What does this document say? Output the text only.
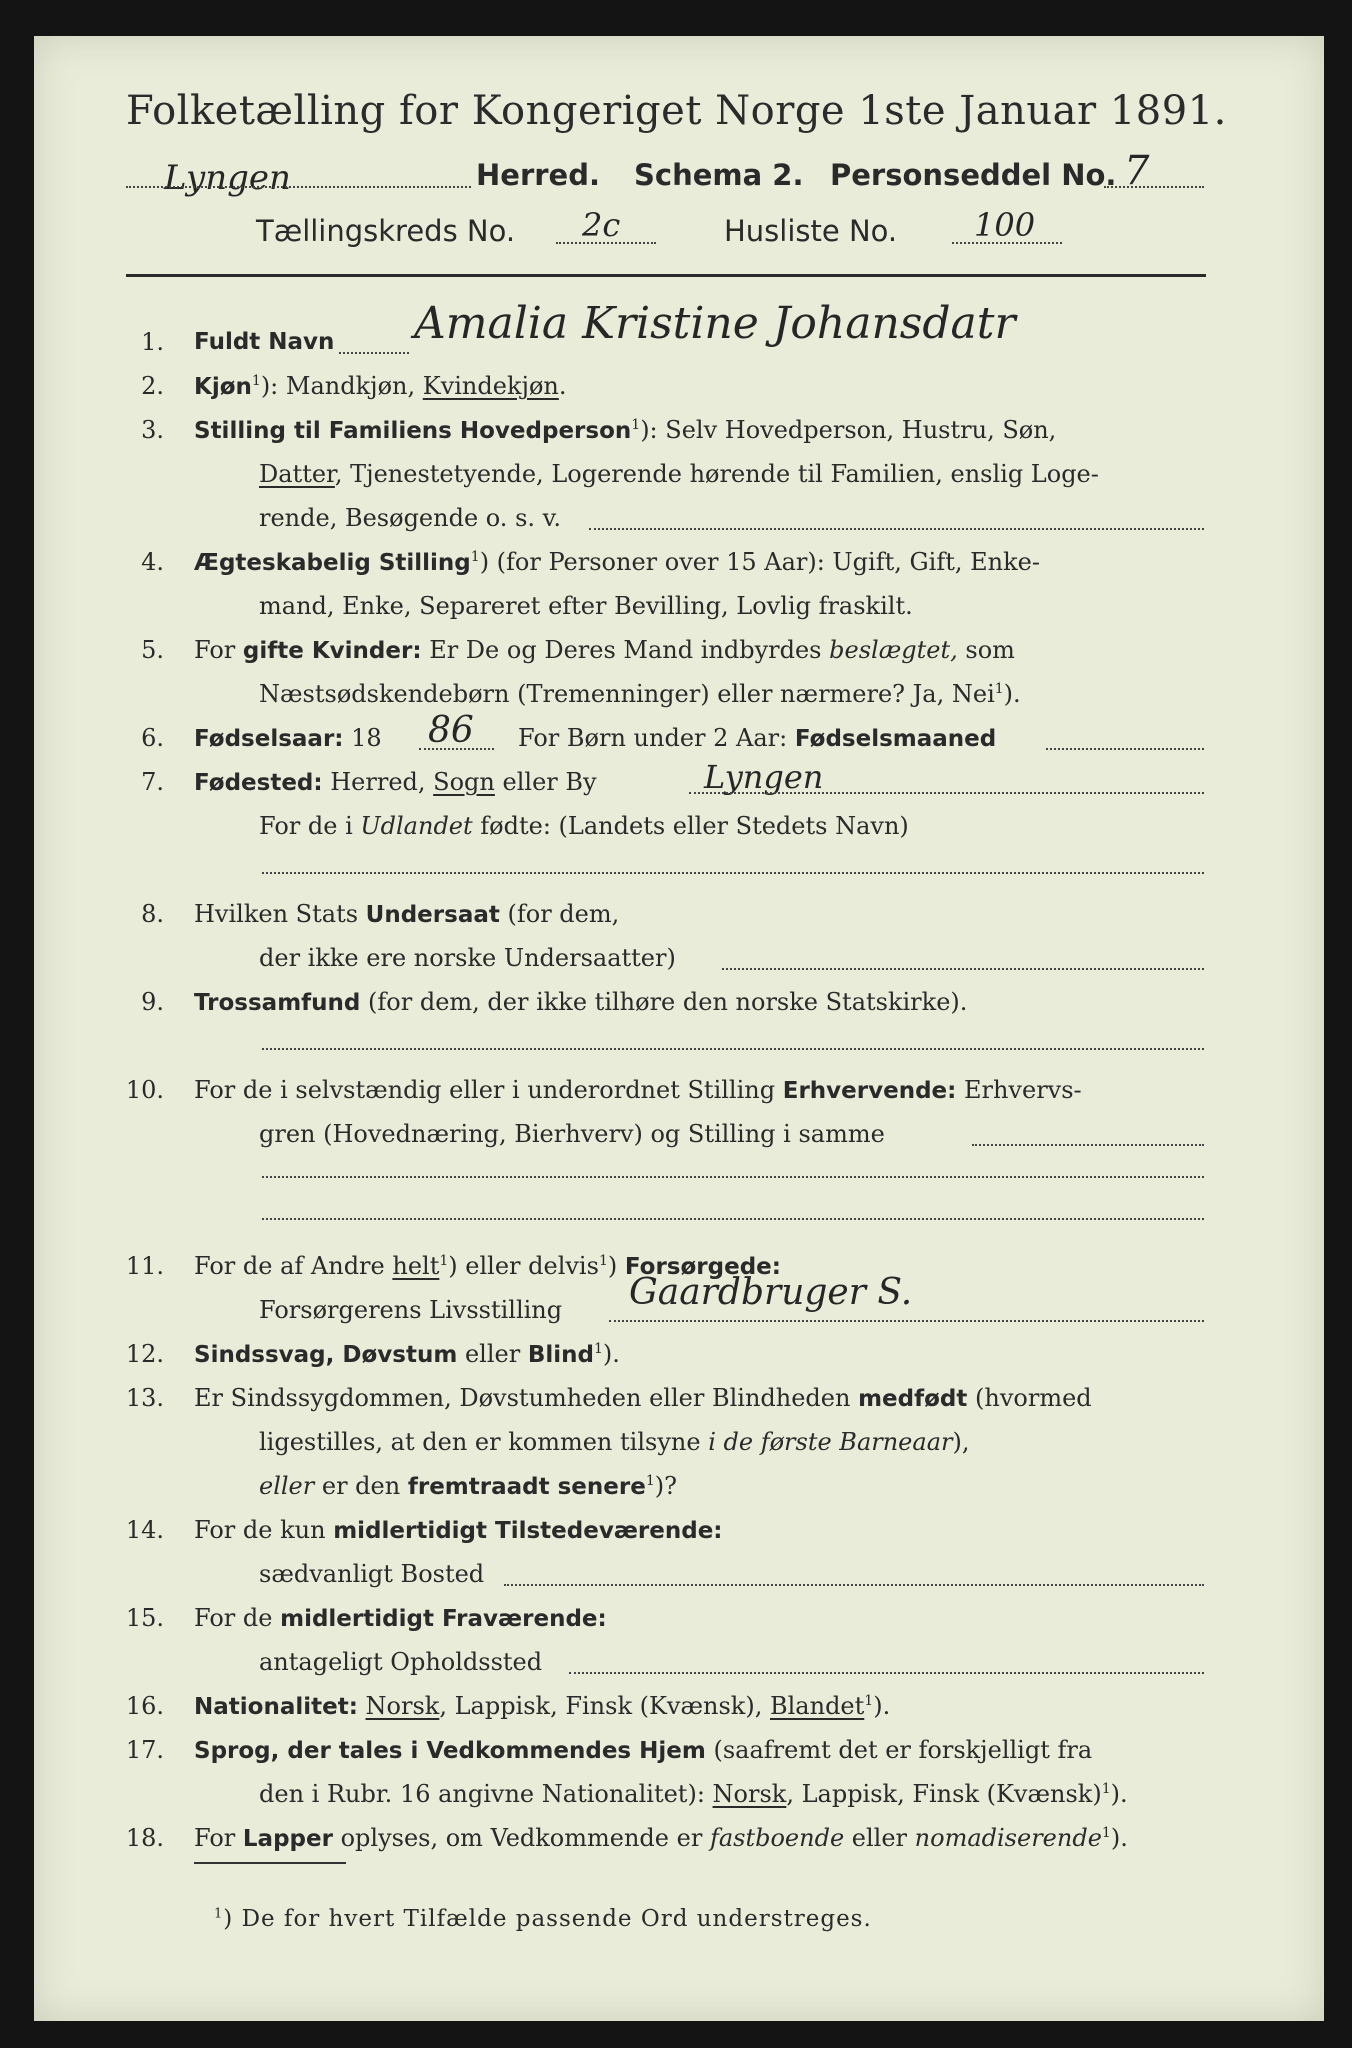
Folketælling for Kongeriget Norge 1ste Januar 1891.
Lyngen	Herred. Schema 2. Personseddel No. 7
Tællingskreds No. 2c	Husliste No. 100
1. Fuldt Navn Amalia Kristine Johansdatr
2. Kjøn$^1$): Mandkjøn, Kvindekjøn.
3. Stilling til Familiens Hovedperson$^1$): Selv Hovedperson, Hustru, Søn,
Datter, Tjenestetyende, Logerende hørende til Familien, enslig Loge-
rende, Besøgende o. s. v.
4. Ægteskabelig Stilling$^1$) (for Personer over 15 Aar): Ugift, Gift, Enke-
mand, Enke, Separeret efter Bevilling, Lovlig fraskilt.
5. For gifte Kvinder: Er De og Deres Mand indbyrdes beslægtet, som
Næstsødskendebørn (Tremenninger) eller nærmere? Ja, Nei$^1$).
6. Fødselsaar: 18 86 For Børn under 2 Aar: Fødselsmaaned
7. Fødested: Herred, Sogn eller By	Lyngen
For de i Udlandet fødte: (Landets eller Stedets Navn)
8. Hvilken Stats Undersaat (for dem,
der ikke ere norske Undersaatter)
9. Trossamfund (for dem, der ikke tilhøre den norske Statskirke).
10. For de i selvstændig eller i underordnet Stilling Erhvervende: Erhvervs-
gren (Hovednæring, Bierhverv) og Stilling i samme
11. For de af Andre helt$^1$) eller delvis$^1$) Forsørgede:
Forsørgerens Livsstilling Gaardbruger S.
12. Sindssvag, Døvstum eller Blind$^1$).
13. Er Sindssygdommen, Døvstumheden eller Blindheden medfødt (hvormed
ligestilles, at den er kommen tilsyne i de første Barneaar),
eller er den fremtraadt senere$^1$)?
14. For de kun midlertidigt Tilstedeværende:
sædvanligt Bosted
15. For de midlertidigt Fraværende:
antageligt Opholdssted
16. Nationalitet: Norsk, Lappisk, Finsk (Kvænsk), Blandet$^1$).
17. Sprog, der tales i Vedkommendes Hjem (saafremt det er forskjelligt fra
den i Rubr. 16 angivne Nationalitet): Norsk, Lappisk, Finsk (Kvænsk)$^1$).
18. For Lapper oplyses, om Vedkommende er fastboende eller nomadiserende$^1$).
$^1$) De for hvert Tilfælde passende Ord understreges.
